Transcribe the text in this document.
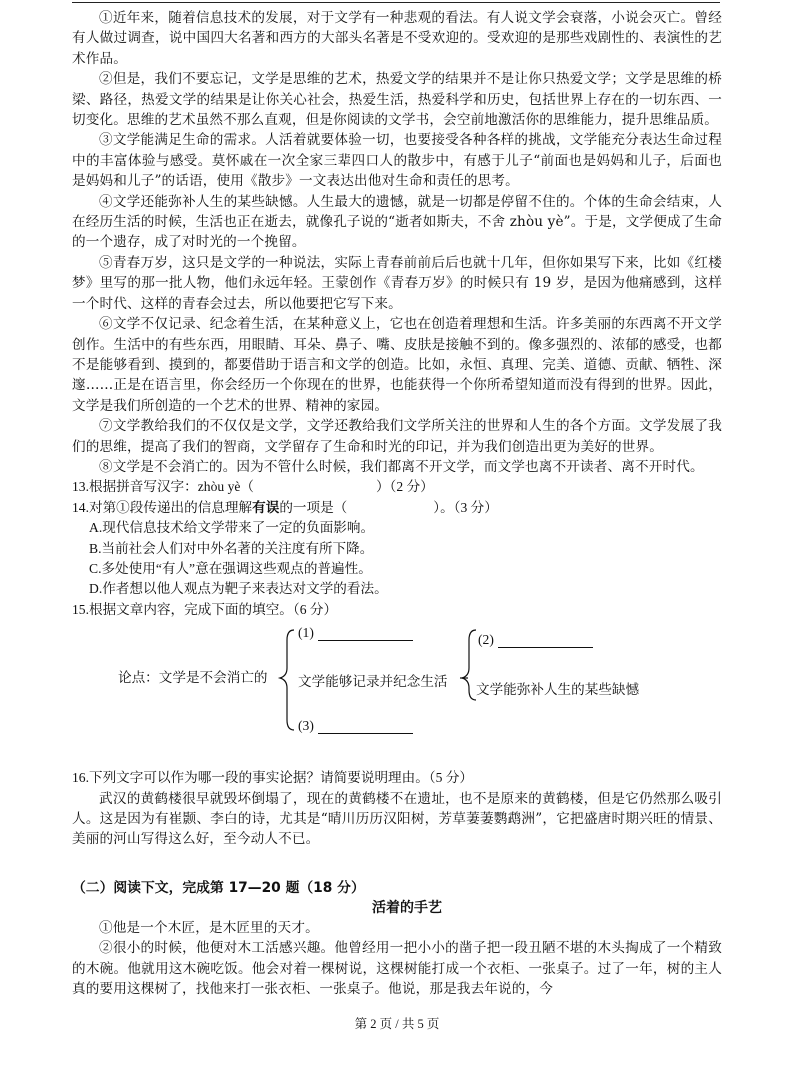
①近年来，随着信息技术的发展，对于文学有一种悲观的看法。有人说文学会衰落，小说会灭亡。曾经有人做过调查，说中国四大名著和西方的大部头名著是不受欢迎的。受欢迎的是那些戏剧性的、表演性的艺术作品。

②但是，我们不要忘记，文学是思维的艺术，热爱文学的结果并不是让你只热爱文学；文学是思维的桥梁、路径，热爱文学的结果是让你关心社会，热爱生活，热爱科学和历史，包括世界上存在的一切东西、一切变化。思维的艺术虽然不那么直观，但是你阅读的文学书，会空前地激活你的思维能力，提升思维品质。

③文学能满足生命的需求。人活着就要体验一切，也要接受各种各样的挑战，文学能充分表达生命过程中的丰富体验与感受。莫怀戚在一次全家三辈四口人的散步中，有感于儿子“前面也是妈妈和儿子，后面也是妈妈和儿子”的话语，使用《散步》一文表达出他对生命和责任的思考。

④文学还能弥补人生的某些缺憾。人生最大的遗憾，就是一切都是停留不住的。个体的生命会结束，人在经历生活的时候，生活也正在逝去，就像孔子说的“逝者如斯夫，不舍 zhòu yè”。于是，文学便成了生命的一个遗存，成了对时光的一个挽留。

⑤青春万岁，这只是文学的一种说法，实际上青春前前后后也就十几年，但你如果写下来，比如《红楼梦》里写的那一批人物，他们永远年轻。王蒙创作《青春万岁》的时候只有 19 岁，是因为他痛感到，这样一个时代、这样的青春会过去，所以他要把它写下来。

⑥文学不仅记录、纪念着生活，在某种意义上，它也在创造着理想和生活。许多美丽的东西离不开文学创作。生活中的有些东西，用眼睛、耳朵、鼻子、嘴、皮肤是接触不到的。像多强烈的、浓郁的感受，也都不是能够看到、摸到的，都要借助于语言和文学的创造。比如，永恒、真理、完美、道德、贡献、牺牲、深邃……正是在语言里，你会经历一个你现在的世界，也能获得一个你所希望知道而没有得到的世界。因此，文学是我们所创造的一个艺术的世界、精神的家园。

⑦文学教给我们的不仅仅是文学，文学还教给我们文学所关注的世界和人生的各个方面。文学发展了我们的思维，提高了我们的智商，文学留存了生命和时光的印记，并为我们创造出更为美好的世界。

⑧文学是不会消亡的。因为不管什么时候，我们都离不开文学，而文学也离不开读者、离不开时代。

13.根据拼音写汉字：zhòu yè（	）（2 分）

14.对第①段传递出的信息理解有误的一项是（	）。（3 分）

A.现代信息技术给文学带来了一定的负面影响。

B.当前社会人们对中外名著的关注度有所下降。

C.多处使用“有人”意在强调这些观点的普遍性。

D.作者想以他人观点为靶子来表达对文学的看法。

15.根据文章内容，完成下面的填空。（6 分）

论点：文学是不会消亡的
(1)
文学能够记录并纪念生活
(3)
(2)
文学能弥补人生的某些缺憾

16.下列文字可以作为哪一段的事实论据？请简要说明理由。（5 分）

武汉的黄鹤楼很早就毁坏倒塌了，现在的黄鹤楼不在遗址，也不是原来的黄鹤楼，但是它仍然那么吸引人。这是因为有崔颢、李白的诗，尤其是“晴川历历汉阳树，芳草萋萋鹦鹉洲”，它把盛唐时期兴旺的情景、美丽的河山写得这么好，至今动人不已。

（二）阅读下文，完成第 17—20 题（18 分）

活着的手艺

①他是一个木匠，是木匠里的天才。

②很小的时候，他便对木工活感兴趣。他曾经用一把小小的凿子把一段丑陋不堪的木头掏成了一个精致的木碗。他就用这木碗吃饭。他会对着一棵树说，这棵树能打成一个衣柜、一张桌子。过了一年，树的主人真的要用这棵树了，找他来打一张衣柜、一张桌子。他说，那是我去年说的，今

第 2 页 / 共 5 页
